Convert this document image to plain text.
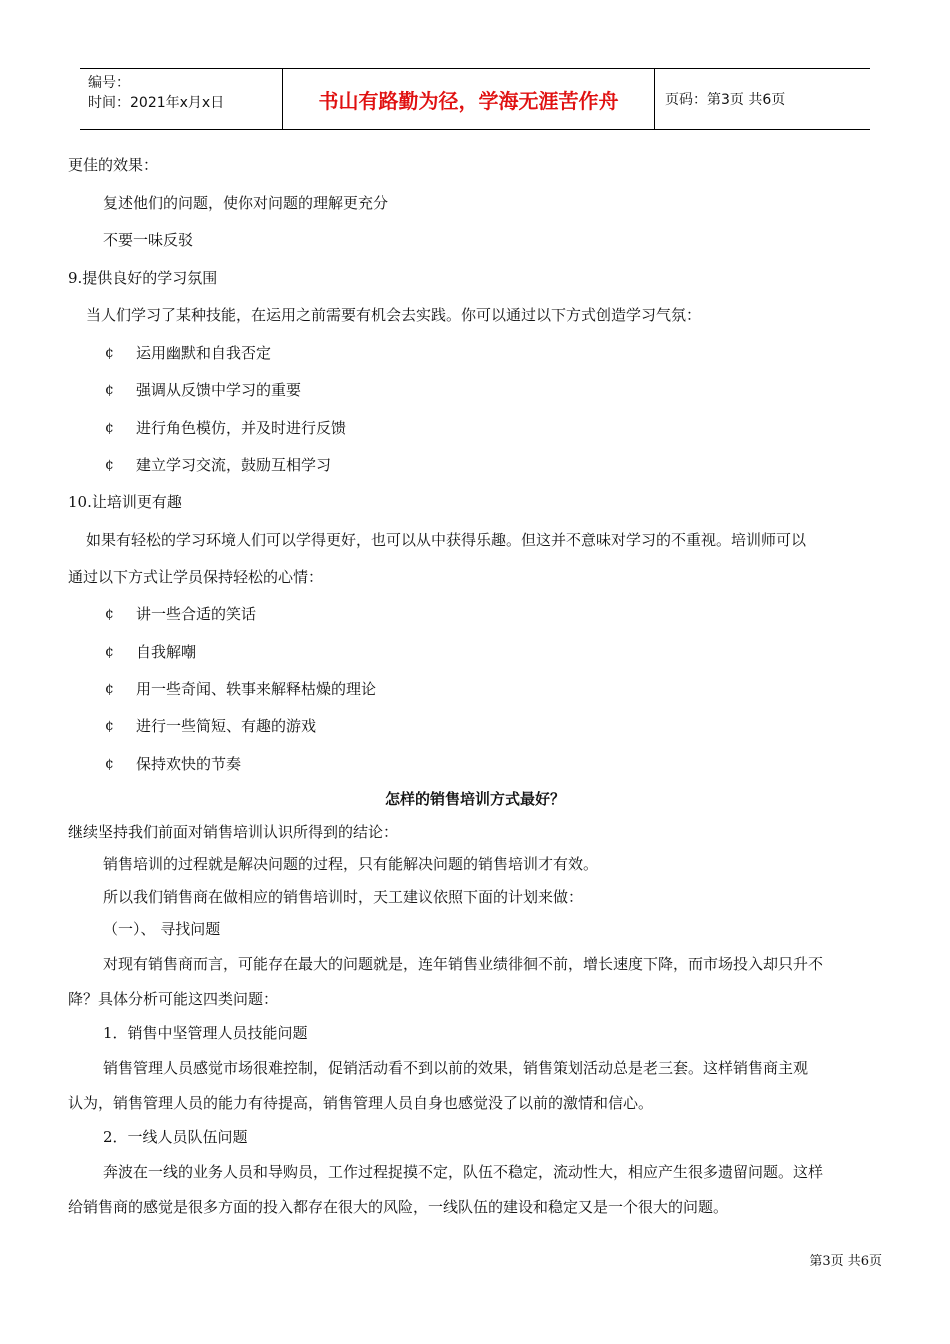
编号：
时间：2021年x月x日	书山有路勤为径，学海无涯苦作舟	页码：第3页 共6页
更佳的效果：
复述他们的问题，使你对问题的理解更充分
不要一味反驳
9.提供良好的学习氛围
当人们学习了某种技能，在运用之前需要有机会去实践。你可以通过以下方式创造学习气氛：
¢ 运用幽默和自我否定
¢ 强调从反馈中学习的重要
¢ 进行角色模仿，并及时进行反馈
¢ 建立学习交流，鼓励互相学习
10.让培训更有趣
如果有轻松的学习环境人们可以学得更好，也可以从中获得乐趣。但这并不意味对学习的不重视。培训师可以
通过以下方式让学员保持轻松的心情：
¢ 讲一些合适的笑话
¢ 自我解嘲
¢ 用一些奇闻、轶事来解释枯燥的理论
¢ 进行一些简短、有趣的游戏
¢ 保持欢快的节奏
怎样的销售培训方式最好？
继续坚持我们前面对销售培训认识所得到的结论：
销售培训的过程就是解决问题的过程，只有能解决问题的销售培训才有效。
所以我们销售商在做相应的销售培训时，天工建议依照下面的计划来做：
（一）、 寻找问题
对现有销售商而言，可能存在最大的问题就是，连年销售业绩徘徊不前，增长速度下降，而市场投入却只升不
降？具体分析可能这四类问题：
1．销售中坚管理人员技能问题
销售管理人员感觉市场很难控制，促销活动看不到以前的效果，销售策划活动总是老三套。这样销售商主观
认为，销售管理人员的能力有待提高，销售管理人员自身也感觉没了以前的激情和信心。
2．一线人员队伍问题
奔波在一线的业务人员和导购员，工作过程捉摸不定，队伍不稳定，流动性大，相应产生很多遗留问题。这样
给销售商的感觉是很多方面的投入都存在很大的风险，一线队伍的建设和稳定又是一个很大的问题。
第3页 共6页
